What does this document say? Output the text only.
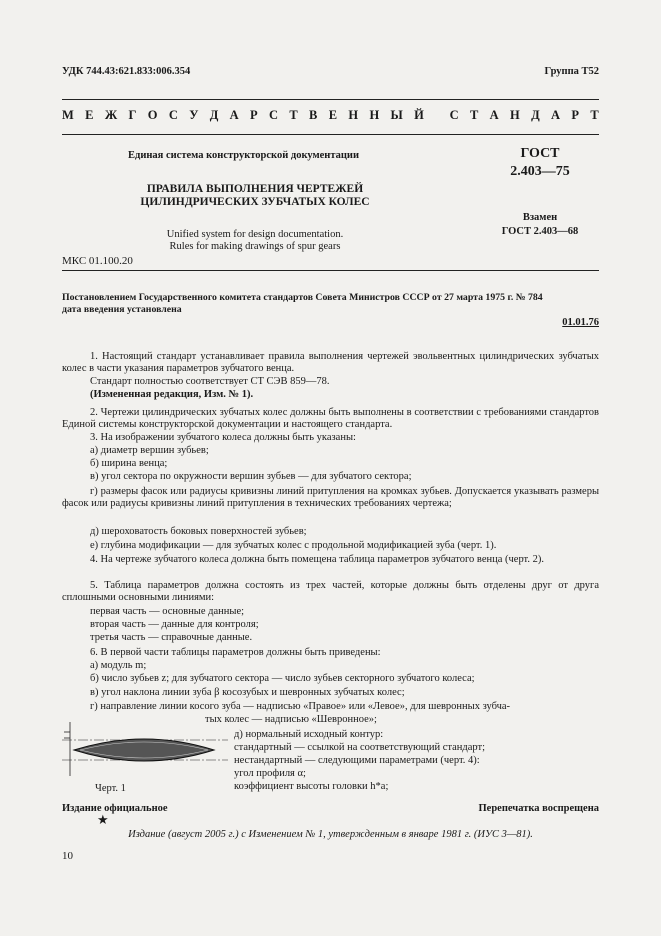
УДК 744.43:621.833:006.354	Группа Т52
М Е Ж Г О С У Д А Р С Т В Е Н Н Ы Й
С Т А Н Д А Р Т
Единая система конструкторской документации	ГОСТ
2.403—75
ПРАВИЛА ВЫПОЛНЕНИЯ ЧЕРТЕЖЕЙ
ЦИЛИНДРИЧЕСКИХ ЗУБЧАТЫХ КОЛЕС
Взамен
ГОСТ 2.403—68
Unified system for design documentation.
Rules for making drawings of spur gears
МКС 01.100.20
Постановлением Государственного комитета стандартов Совета Министров СССР от 27 марта 1975 г. № 784
дата введения установлена
01.01.76
1. Настоящий стандарт устанавливает правила выполнения чертежей эвольвентных цилиндрических зубчатых колес в части указания параметров зубчатого венца.
Стандарт полностью соответствует СТ СЭВ 859—78.
(Измененная редакция, Изм. № 1).
2. Чертежи цилиндрических зубчатых колес должны быть выполнены в соответствии с требованиями стандартов Единой системы конструкторской документации и настоящего стандарта.
3. На изображении зубчатого колеса должны быть указаны:
а) диаметр вершин зубьев;
б) ширина венца;
в) угол сектора по окружности вершин зубьев — для зубчатого сектора;
г) размеры фасок или радиусы кривизны линий притупления на кромках зубьев. Допускается указывать размеры фасок или радиусы кривизны линий притупления в технических требованиях чертежа;
д) шероховатость боковых поверхностей зубьев;
е) глубина модификации — для зубчатых колес с продольной модификацией зуба (черт. 1).
4. На чертеже зубчатого колеса должна быть помещена таблица параметров зубчатого венца (черт. 2).
5. Таблица параметров должна состоять из трех частей, которые должны быть отделены друг от друга сплошными основными линиями:
первая часть — основные данные;
вторая часть — данные для контроля;
третья часть — справочные данные.
6. В первой части таблицы параметров должны быть приведены:
а) модуль m;
б) число зубьев z; для зубчатого сектора — число зубьев секторного зубчатого колеса;
в) угол наклона линии зуба β косозубых и шевронных зубчатых колес;
г) направление линии косого зуба — надписью «Правое» или «Левое», для шевронных зубча-
тых колес — надписью «Шевронное»;
д) нормальный исходный контур:
стандартный — ссылкой на соответствующий стандарт;
нестандартный — следующими параметрами (черт. 4):
угол профиля α;
коэффициент высоты головки h*a;
Черт. 1
Издание официальное	Перепечатка воспрещена
★
Издание (август 2005 г.) с Изменением № 1, утвержденным в январе 1981 г. (ИУС 3—81).
10
